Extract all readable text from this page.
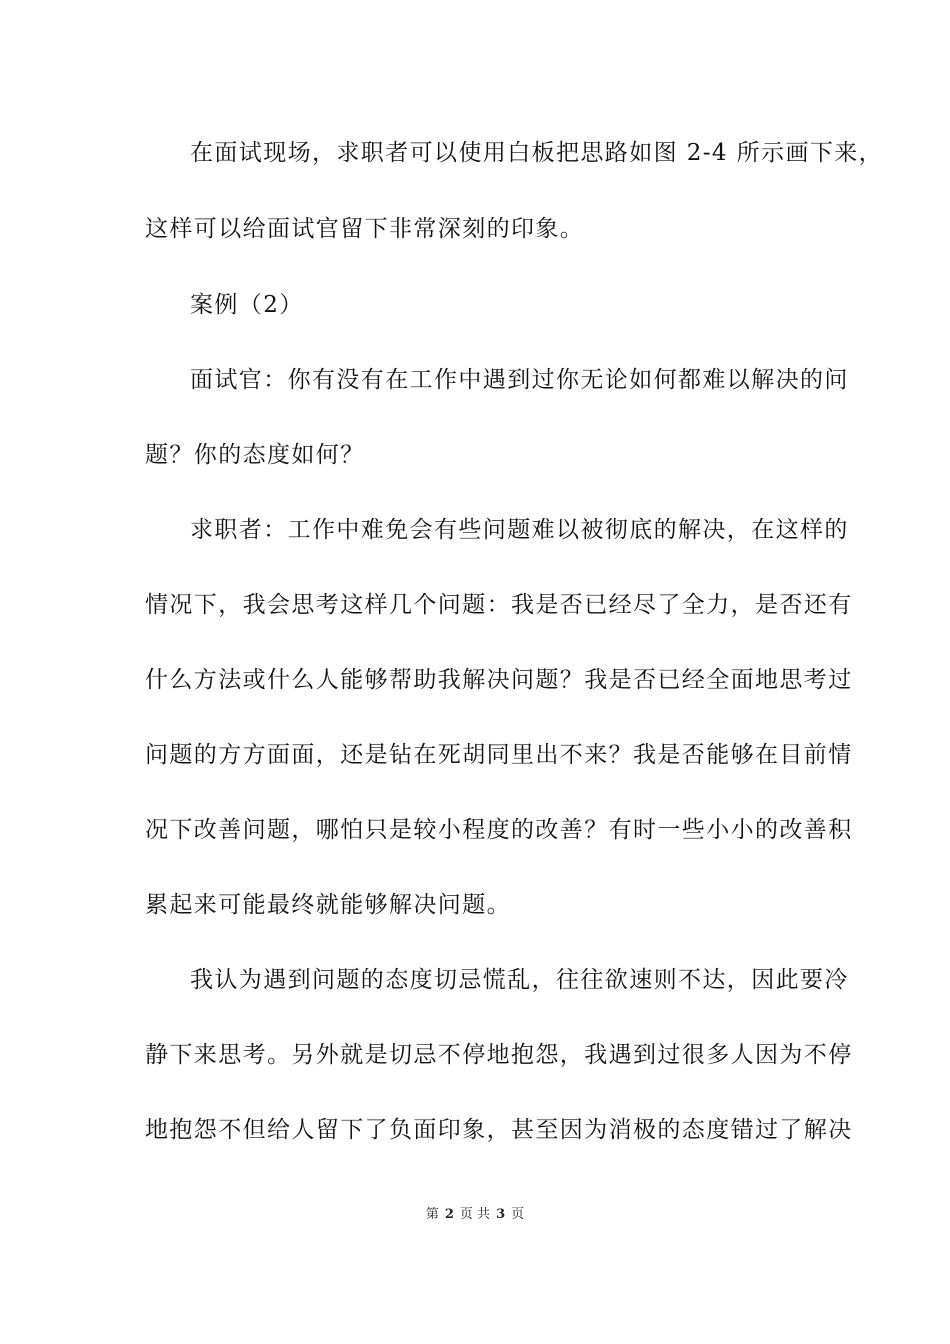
在面试现场，求职者可以使用白板把思路如图 2-4 所示画下来，
这样可以给面试官留下非常深刻的印象。
案例（2）
面试官：你有没有在工作中遇到过你无论如何都难以解决的问
题？你的态度如何？
求职者：工作中难免会有些问题难以被彻底的解决，在这样的
情况下，我会思考这样几个问题：我是否已经尽了全力，是否还有
什么方法或什么人能够帮助我解决问题？我是否已经全面地思考过
问题的方方面面，还是钻在死胡同里出不来？我是否能够在目前情
况下改善问题，哪怕只是较小程度的改善？有时一些小小的改善积
累起来可能最终就能够解决问题。
我认为遇到问题的态度切忌慌乱，往往欲速则不达，因此要冷
静下来思考。另外就是切忌不停地抱怨，我遇到过很多人因为不停
地抱怨不但给人留下了负面印象，甚至因为消极的态度错过了解决
第 2 页 共 3 页
